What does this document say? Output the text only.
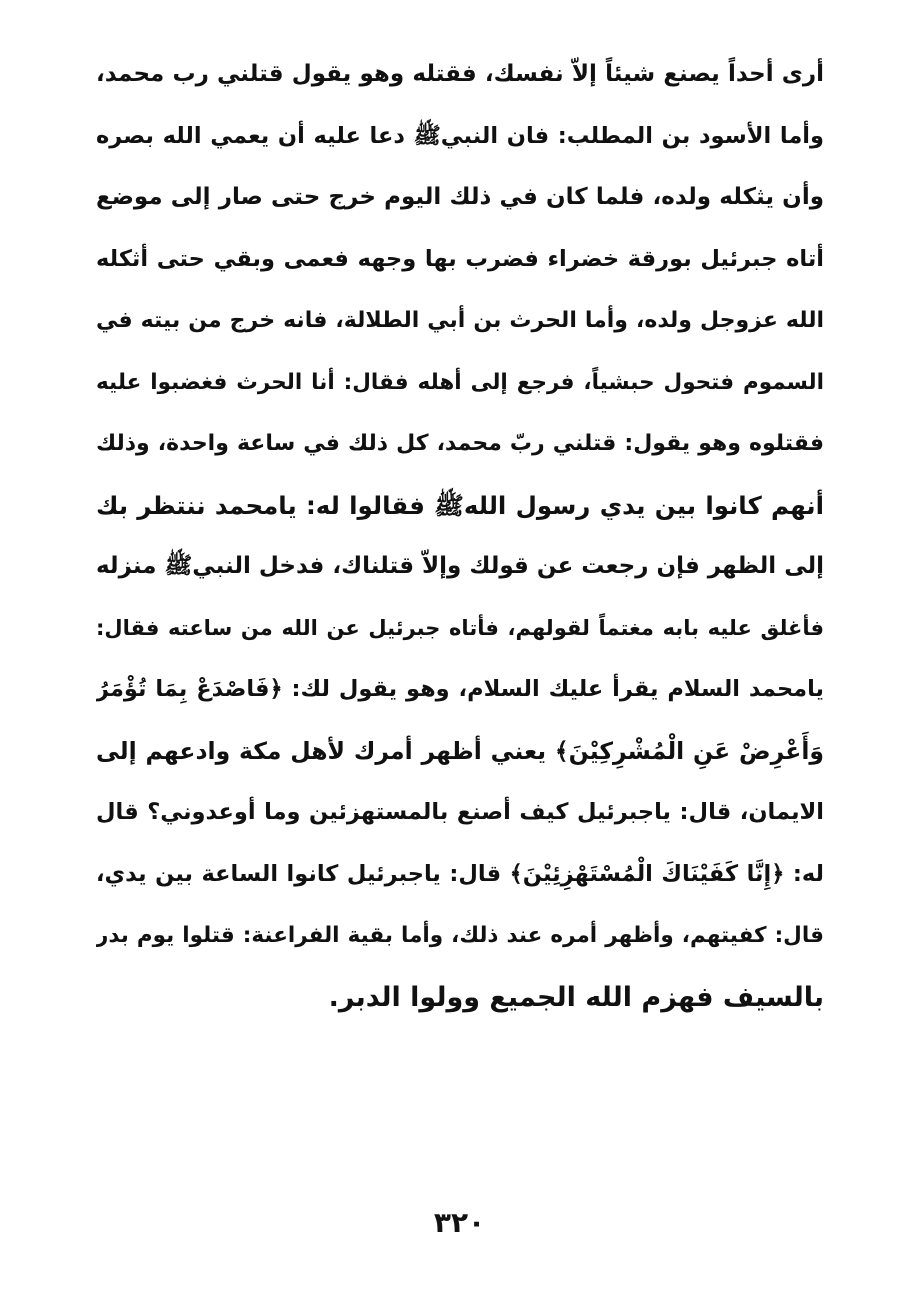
أرى أحداً يصنع شيئاً إلاّ نفسك، فقتله وهو يقول قتلني رب محمد،
وأما الأسود بن المطلب: فان النبيﷺ دعا عليه أن يعمي الله بصره
وأن يثكله ولده، فلما كان في ذلك اليوم خرج حتى صار إلى موضع
أتاه جبرئيل بورقة خضراء فضرب بها وجهه فعمى وبقي حتى أثكله
الله عزوجل ولده، وأما الحرث بن أبي الطلالة، فانه خرج من بيته في
السموم فتحول حبشياً، فرجع إلى أهله فقال: أنا الحرث فغضبوا عليه
فقتلوه وهو يقول: قتلني ربّ محمد، كل ذلك في ساعة واحدة، وذلك
أنهم كانوا بين يدي رسول اللهﷺ فقالوا له: يامحمد ننتظر بك
إلى الظهر فإن رجعت عن قولك وإلاّ قتلناك، فدخل النبيﷺ منزله
فأغلق عليه بابه مغتماً لقولهم، فأتاه جبرئيل عن الله من ساعته فقال:
يامحمد السلام يقرأ عليك السلام، وهو يقول لك: ﴿فَاصْدَعْ بِمَا تُؤْمَرُ
وَأَعْرِضْ عَنِ الْمُشْرِكِيْنَ﴾ يعني أظهر أمرك لأهل مكة وادعهم إلى
الايمان، قال: ياجبرئيل كيف أصنع بالمستهزئين وما أوعدوني؟ قال
له: ﴿إِنَّا كَفَيْنَاكَ الْمُسْتَهْزِئِيْنَ﴾ قال: ياجبرئيل كانوا الساعة بين يدي،
قال: كفيتهم، وأظهر أمره عند ذلك، وأما بقية الفراعنة: قتلوا يوم بدر
بالسيف فهزم الله الجميع وولوا الدبر.
٣٢٠
